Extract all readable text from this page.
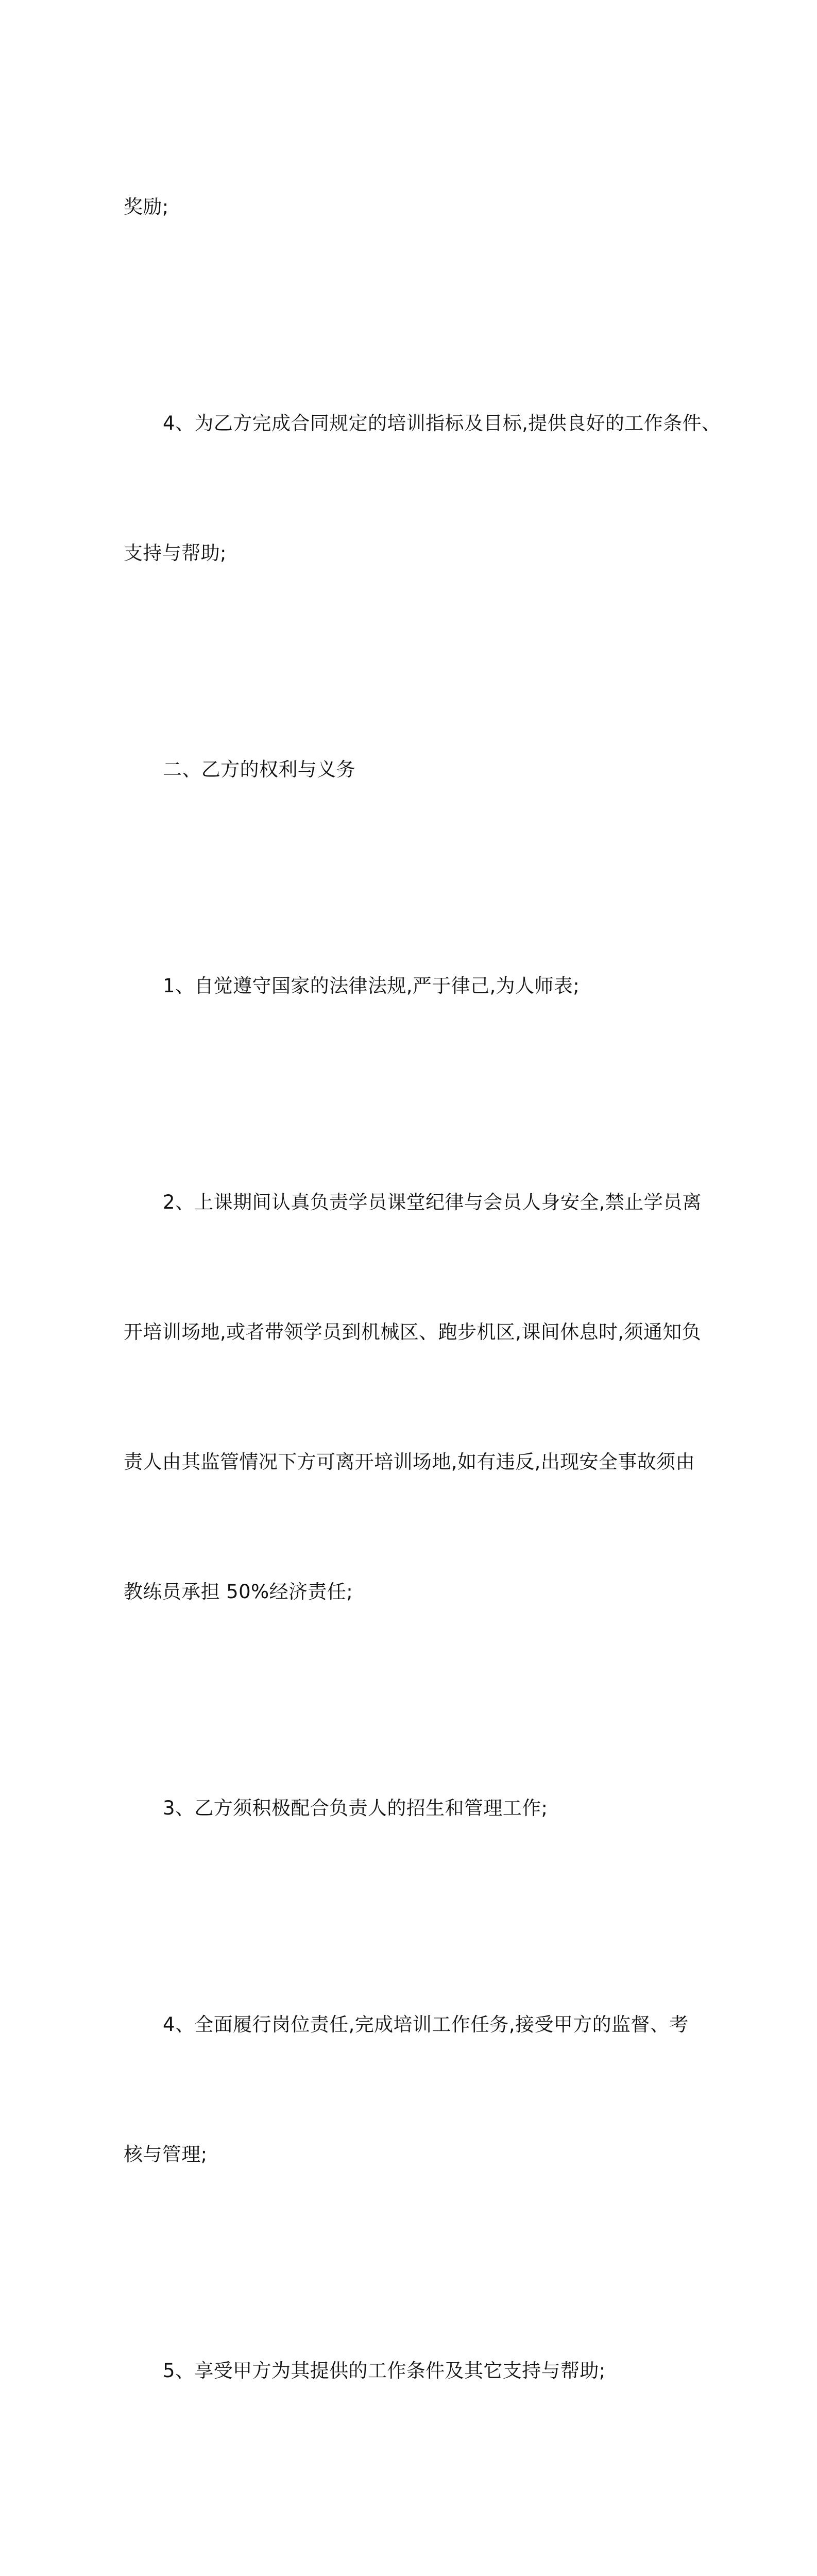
奖励;

4、为乙方完成合同规定的培训指标及目标,提供良好的工作条件、

支持与帮助;

二、乙方的权利与义务

1、自觉遵守国家的法律法规,严于律己,为人师表;

2、上课期间认真负责学员课堂纪律与会员人身安全,禁止学员离

开培训场地,或者带领学员到机械区、跑步机区,课间休息时,须通知负

责人由其监管情况下方可离开培训场地,如有违反,出现安全事故须由

教练员承担 50%经济责任;

3、乙方须积极配合负责人的招生和管理工作;

4、全面履行岗位责任,完成培训工作任务,接受甲方的监督、考

核与管理;

5、享受甲方为其提供的工作条件及其它支持与帮助;
